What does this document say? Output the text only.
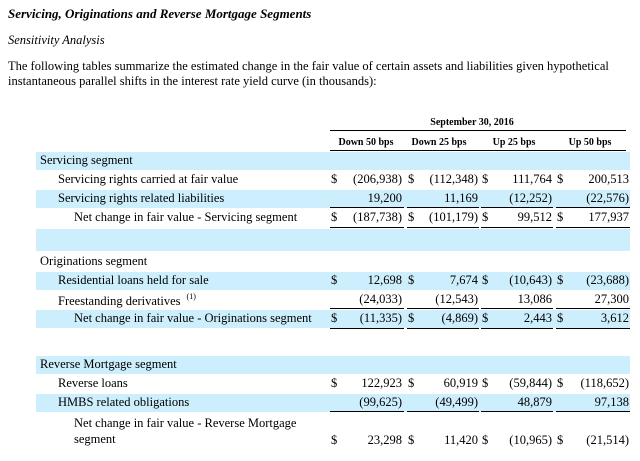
Servicing, Originations and Reverse Mortgage Segments
Sensitivity Analysis
The following tables summarize the estimated change in the fair value of certain assets and liabilities given hypothetical instantaneous parallel shifts in the interest rate yield curve (in thousands):
September 30, 2016
Down 50 bps	Down 25 bps	Up 25 bps	Up 50 bps
Servicing segment
Servicing rights carried at fair value	$	(206,938) $	(112,348) $	111,764 $	200,513
Servicing rights related liabilities	19,200	11,169	(12,252)	(22,576)
Net change in fair value - Servicing segment	$	(187,738) $	(101,179) $	99,512 $	177,937
Originations segment
Residential loans held for sale	$	12,698 $	7,674 $	(10,643) $	(23,688)
Freestanding derivatives $^{(1)}$	(24,033)	(12,543)	13,086	27,300
Net change in fair value - Originations segment $	(11,335) $	(4,869) $	2,443 $	3,612
Reverse Mortgage segment
Reverse loans	$	122,923 $	60,919 $	(59,844) $	(118,652)
HMBS related obligations	(99,625)	(49,499)	48,879	97,138
Net change in fair value - Reverse Mortgage
segment	$	23,298 $	11,420 $	(10,965) $	(21,514)
